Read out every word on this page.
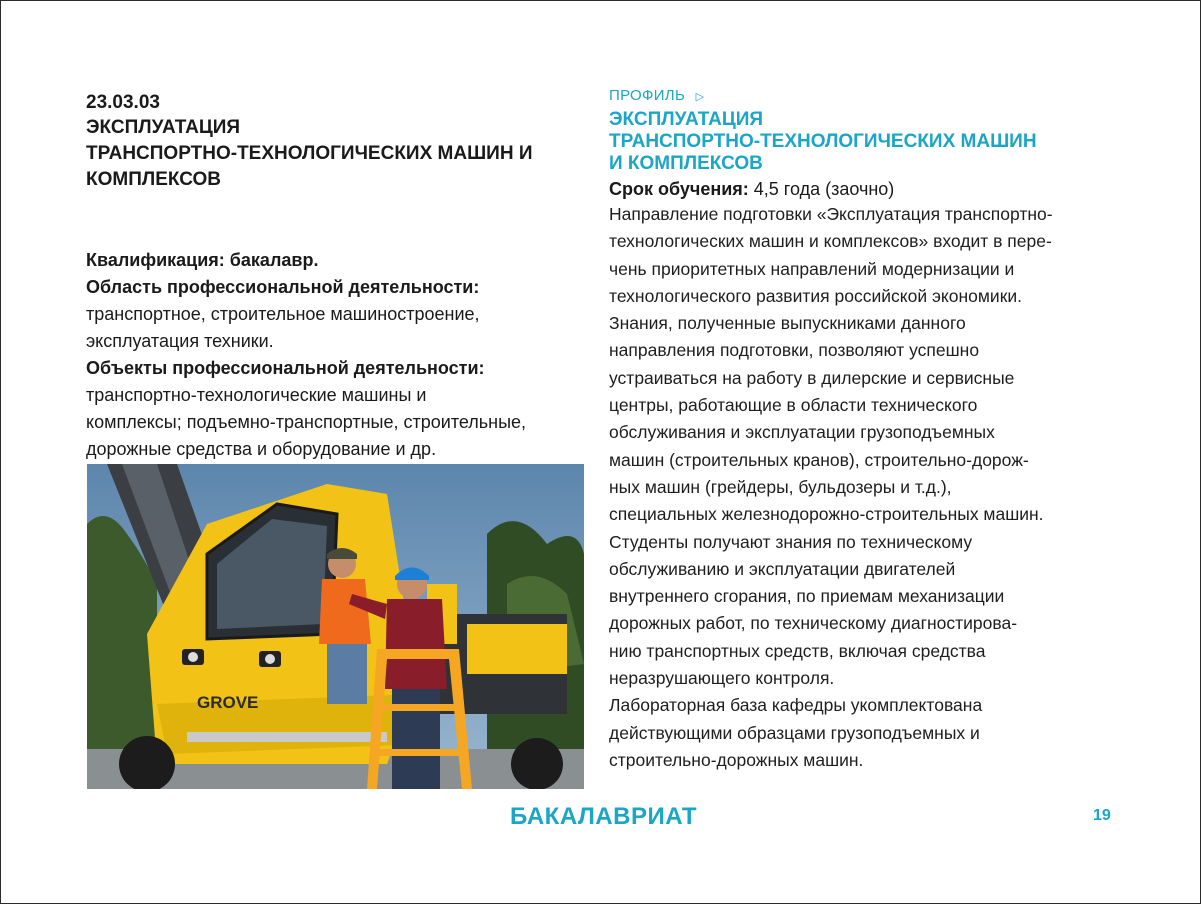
23.03.03

ЭКСПЛУАТАЦИЯ
ТРАНСПОРТНО-ТЕХНОЛОГИЧЕСКИХ МАШИН И
КОМПЛЕКСОВ

Квалификация: бакалавр.

Область профессиональной деятельности:

транспортное, строительное машиностроение,
эксплуатация техники.

Объекты профессиональной деятельности:

транспортно-технологические машины и
комплексы; подъемно-транспортные, строительные,
дорожные средства и оборудование и др.

GROVE

ПРОФИЛЬ ▷

ЭКСПЛУАТАЦИЯ
ТРАНСПОРТНО-ТЕХНОЛОГИЧЕСКИХ МАШИН
И КОМПЛЕКСОВ

Срок обучения: 4,5 года (заочно)

Направление подготовки «Эксплуатация транспортно-

технологических машин и комплексов» входит в пере-

чень приоритетных направлений модернизации и

технологического развития российской экономики.

Знания, полученные выпускниками данного

направления подготовки, позволяют успешно

устраиваться на работу в дилерские и сервисные

центры, работающие в области технического

обслуживания и эксплуатации грузоподъемных

машин (строительных кранов), строительно-дорож-

ных машин (грейдеры, бульдозеры и т.д.),

специальных железнодорожно-строительных машин.

Студенты получают знания по техническому

обслуживанию и эксплуатации двигателей

внутреннего сгорания, по приемам механизации

дорожных работ, по техническому диагностирова-

нию транспортных средств, включая средства

неразрушающего контроля.

Лабораторная база кафедры укомплектована

действующими образцами грузоподъемных и

строительно-дорожных машин.

БАКАЛАВРИАТ	19
